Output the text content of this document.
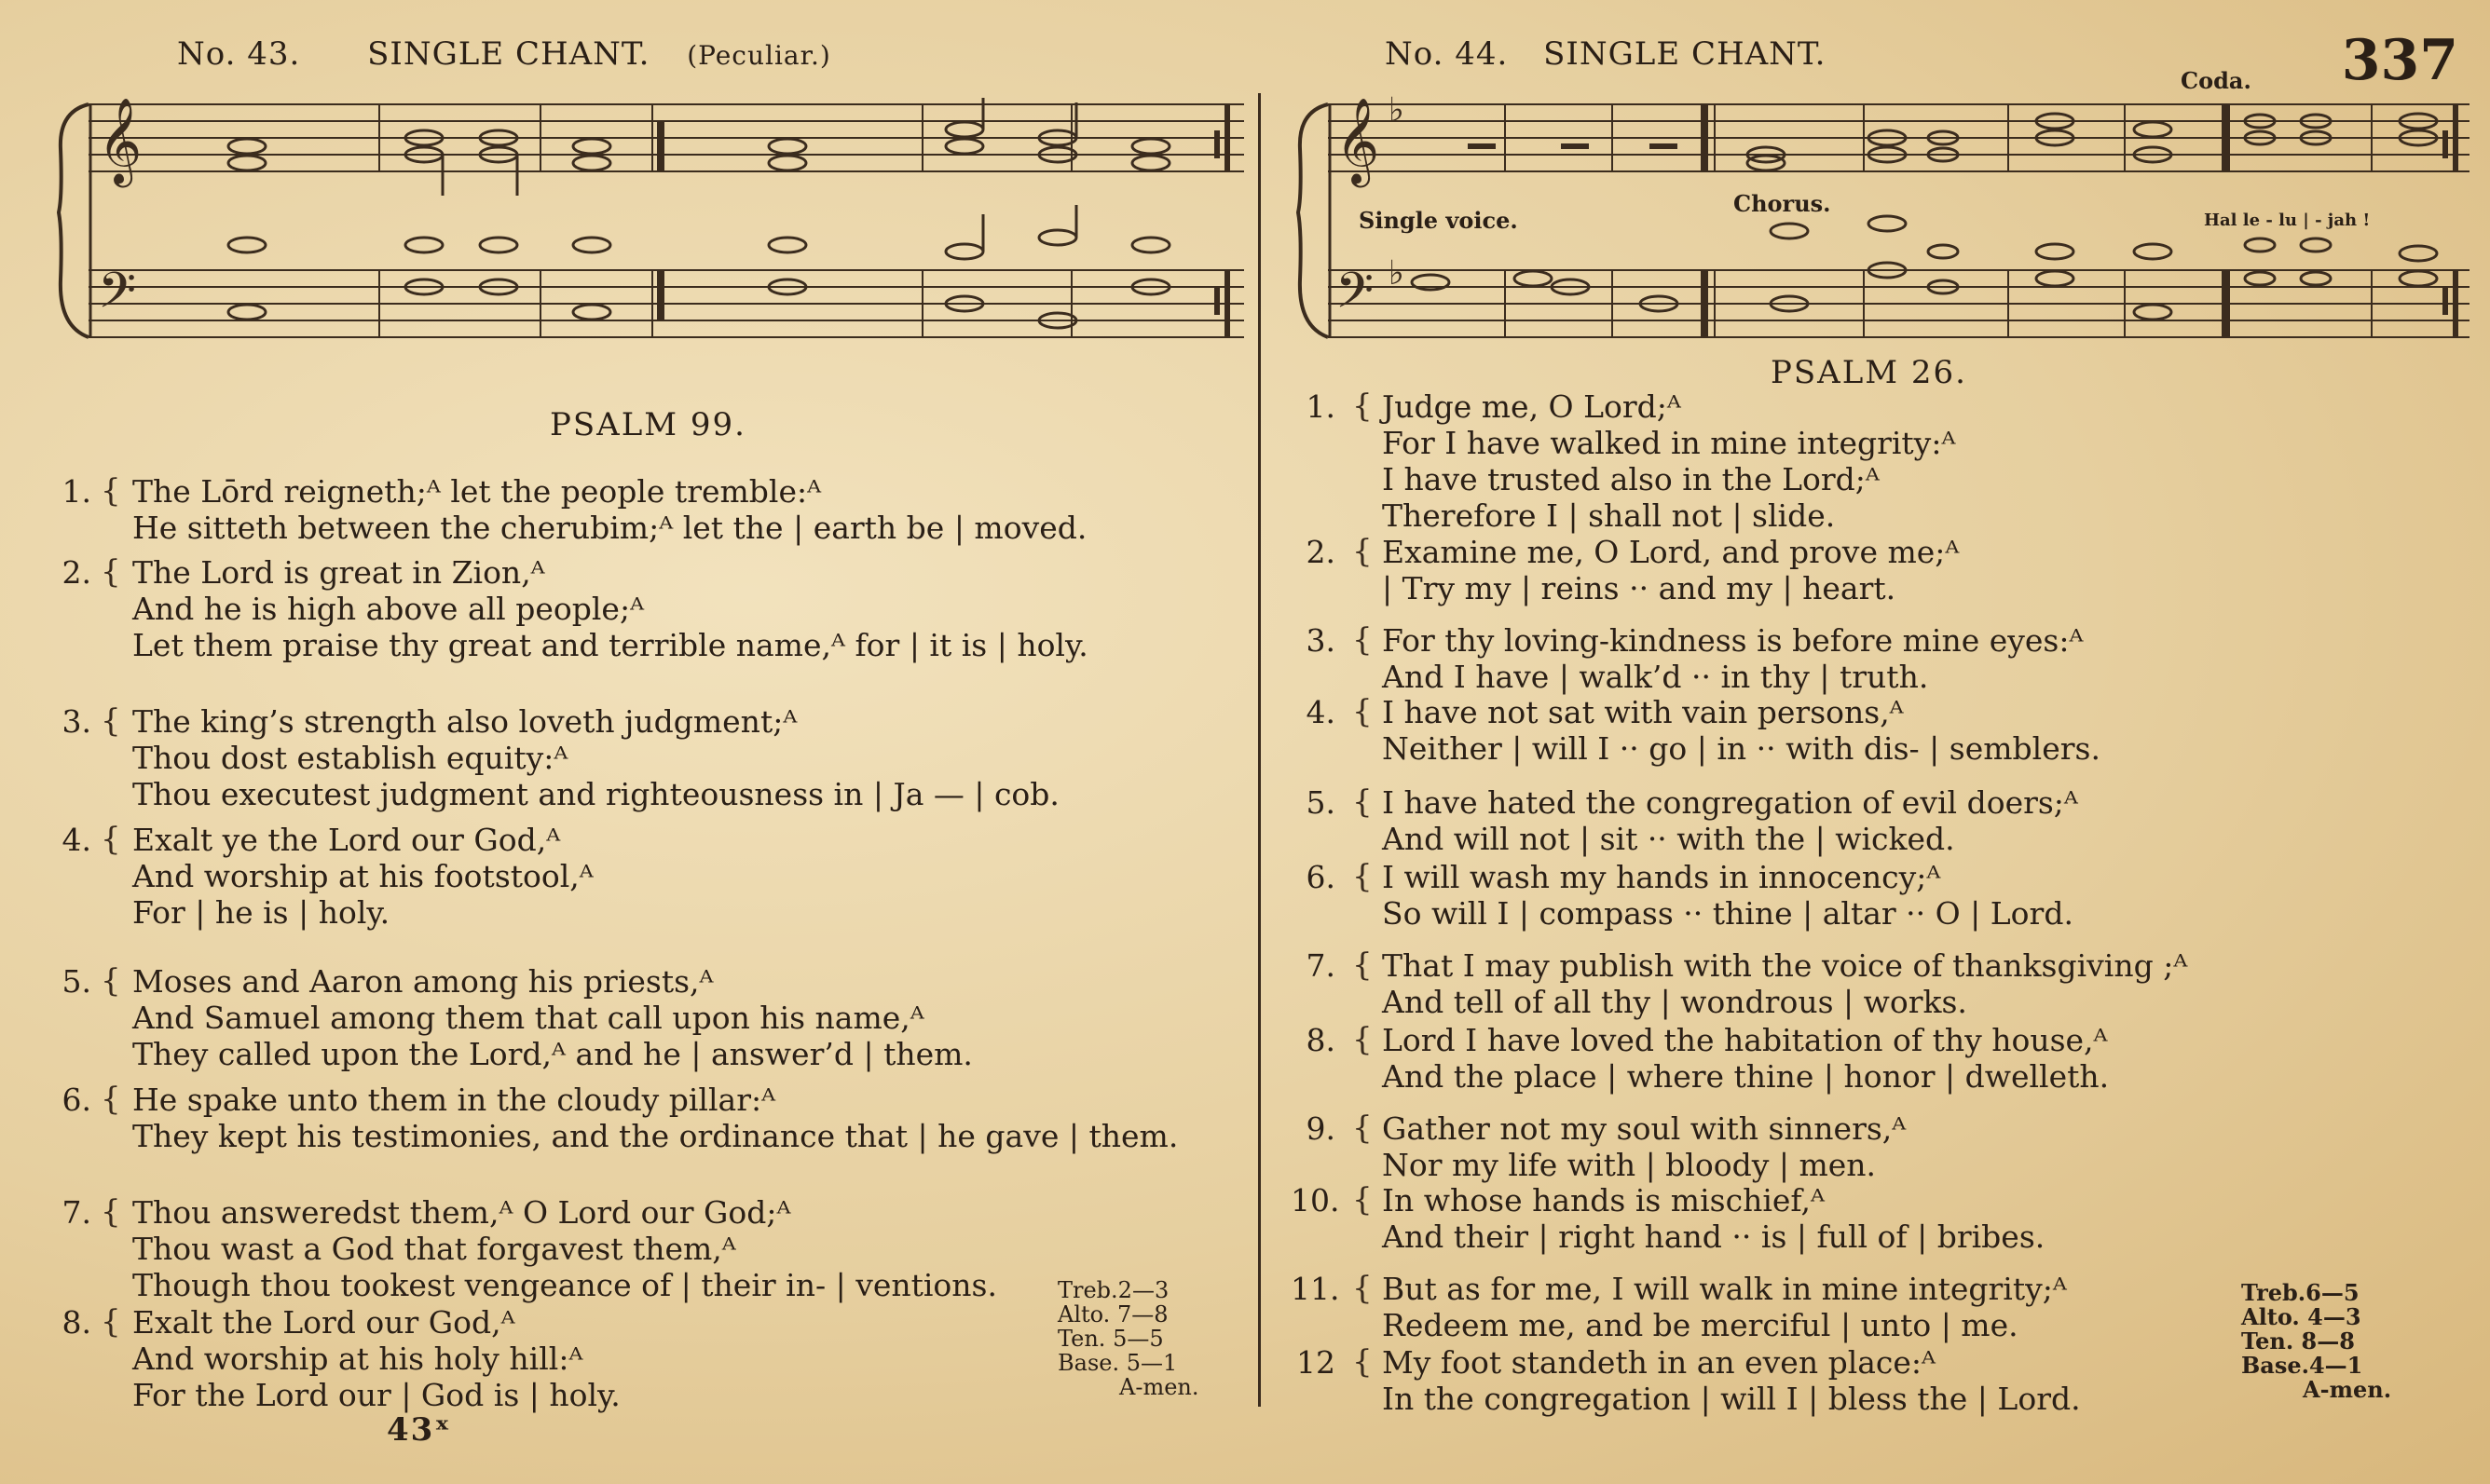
No. 43. SINGLE CHANT. (Peculiar.)	No. 44. SINGLE CHANT.	337
𝄞
𝄢
𝄞
𝄢
♭
♭
Single voice.
Chorus.
Coda.
Hal le - lu | - jah !
PSALM 99.
1. { The Lōrd reigneth;ᴬ let the people tremble:ᴬ
He sitteth between the cherubim;ᴬ let the | earth be | moved.
2. { The Lord is great in Zion,ᴬ
And he is high above all people;ᴬ
Let them praise thy great and terrible name,ᴬ for | it is | holy.
3. { The king’s strength also loveth judgment;ᴬ
Thou dost establish equity:ᴬ
Thou executest judgment and righteousness in | Ja — | cob.
4. { Exalt ye the Lord our God,ᴬ
And worship at his footstool,ᴬ
For | he is | holy.
5. { Moses and Aaron among his priests,ᴬ
And Samuel among them that call upon his name,ᴬ
They called upon the Lord,ᴬ and he | answer’d | them.
6. { He spake unto them in the cloudy pillar:ᴬ
They kept his testimonies, and the ordinance that | he gave | them.
7. { Thou answeredst them,ᴬ O Lord our God;ᴬ
Thou wast a God that forgavest them,ᴬ
Though thou tookest vengeance of | their in- | ventions.
8. { Exalt the Lord our God,ᴬ
And worship at his holy hill:ᴬ
For the Lord our | God is | holy.
Treb.2—3
Alto. 7—8
Ten. 5—5
Base. 5—1
A-men.
43ˣ
PSALM 26.
1. { Judge me, O Lord;ᴬ
For I have walked in mine integrity:ᴬ
I have trusted also in the Lord;ᴬ
Therefore I | shall not | slide.
2. { Examine me, O Lord, and prove me;ᴬ
| Try my | reins ·· and my | heart.
3. { For thy loving-kindness is before mine eyes:ᴬ
And I have | walk’d ·· in thy | truth.
4. { I have not sat with vain persons,ᴬ
Neither | will I ·· go | in ·· with dis- | semblers.
5. { I have hated the congregation of evil doers;ᴬ
And will not | sit ·· with the | wicked.
6. { I will wash my hands in innocency;ᴬ
So will I | compass ·· thine | altar ·· O | Lord.
7. { That I may publish with the voice of thanksgiving ;ᴬ
And tell of all thy | wondrous | works.
8. { Lord I have loved the habitation of thy house,ᴬ
And the place | where thine | honor | dwelleth.
9. { Gather not my soul with sinners,ᴬ
Nor my life with | bloody | men.
10. { In whose hands is mischief,ᴬ
And their | right hand ·· is | full of | bribes.
11. { But as for me, I will walk in mine integrity;ᴬ
Redeem me, and be merciful | unto | me.
12 { My foot standeth in an even place:ᴬ
In the congregation | will I | bless the | Lord.
Treb.6—5
Alto. 4—3
Ten. 8—8
Base.4—1
A-men.
